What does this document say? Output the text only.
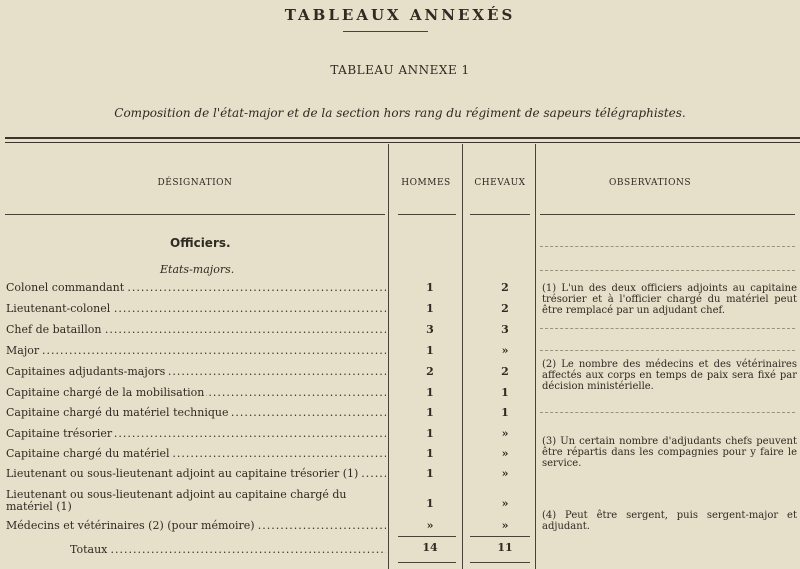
TABLEAUX ANNEXÉS
TABLEAU ANNEXE 1
Composition de l'état-major et de la section hors rang du régiment de sapeurs télégraphistes.
DÉSIGNATION	HOMMES	CHEVAUX	OBSERVATIONS
Officiers.
Etats-majors.
Colonel commandant .....	1	2
Lieutenant-colonel .....	1	2
Chef de bataillon .....	3	3
Major .....	1	»
Capitaines adjudants-majors .....	2	2
Capitaine chargé de la mobilisation .....	1	1
Capitaine chargé du matériel technique .....	1	1
Capitaine trésorier .....	1	»
Capitaine chargé du matériel .....	1	»
Lieutenant ou sous-lieutenant adjoint au capitaine trésorier (1) .....	1	»
Lieutenant ou sous-lieutenant adjoint au capitaine chargé du matériel (1)	1	»
Médecins et vétérinaires (2) (pour mémoire) .....	»	»
Totaux .....	14	11
(1) L'un des deux officiers adjoints au capitaine trésorier et à l'officier chargé du matériel peut être remplacé par un adjudant chef.
(2) Le nombre des médecins et des vétérinaires affectés aux corps en temps de paix sera fixé par décision ministérielle.
(3) Un certain nombre d'adjudants chefs peuvent être répartis dans les compagnies pour y faire le service.
(4) Peut être sergent, puis sergent-major et adjudant.
